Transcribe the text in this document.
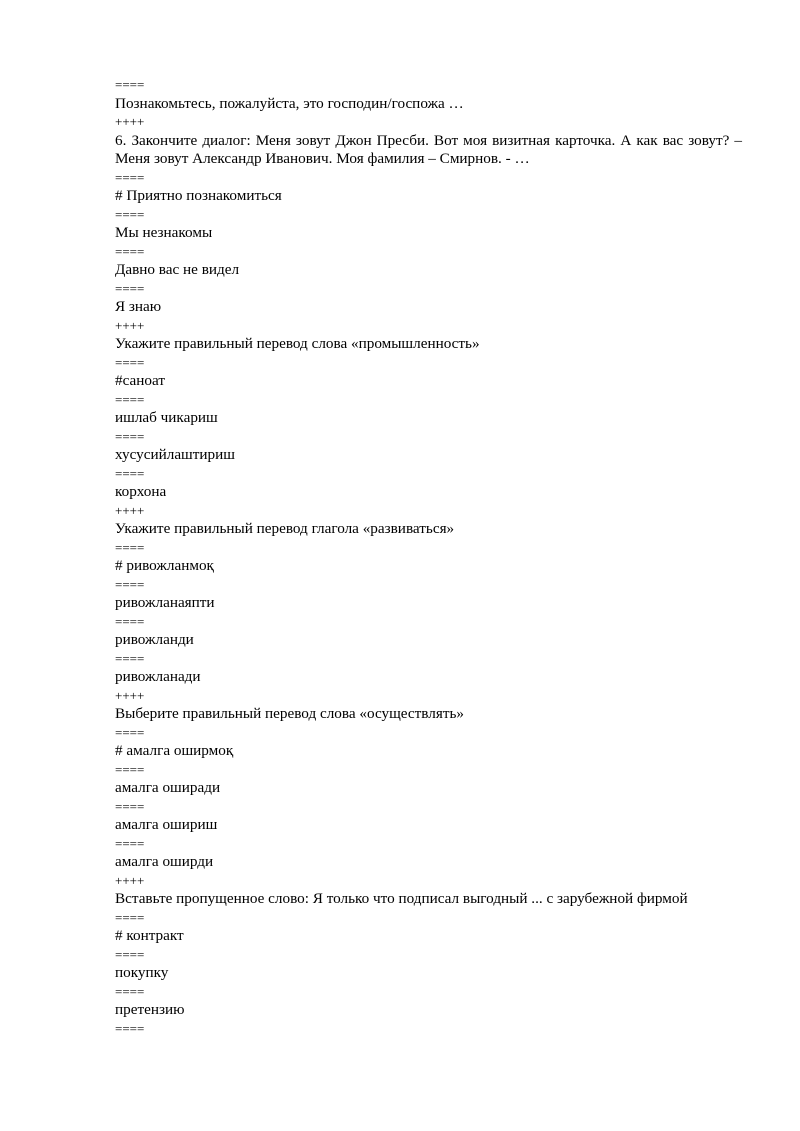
====
Познакомьтесь, пожалуйста, это господин/госпожа …
++++
6. Закончите диалог: Меня зовут Джон Пресби. Вот моя визитная карточка. А как вас зовут? – Меня зовут Александр Иванович. Моя фамилия – Смирнов. - …
====
# Приятно познакомиться
====
Мы незнакомы
====
Давно вас не видел
====
Я знаю
++++
Укажите правильный перевод слова «промышленность»
====
#саноат
====
ишлаб чикариш
====
хусусийлаштириш
====
корхона
++++
Укажите правильный перевод глагола «развиваться»
====
# ривожланмоқ
====
ривожланаяпти
====
ривожланди
====
ривожланади
++++
Выберите правильный перевод слова «осуществлять»
====
# амалга оширмоқ
====
амалга оширади
====
амалга ошириш
====
амалга оширди
++++
Вставьте пропущенное слово: Я только что подписал выгодный ... с зарубежной фирмой
====
# контракт
====
покупку
====
претензию
====
